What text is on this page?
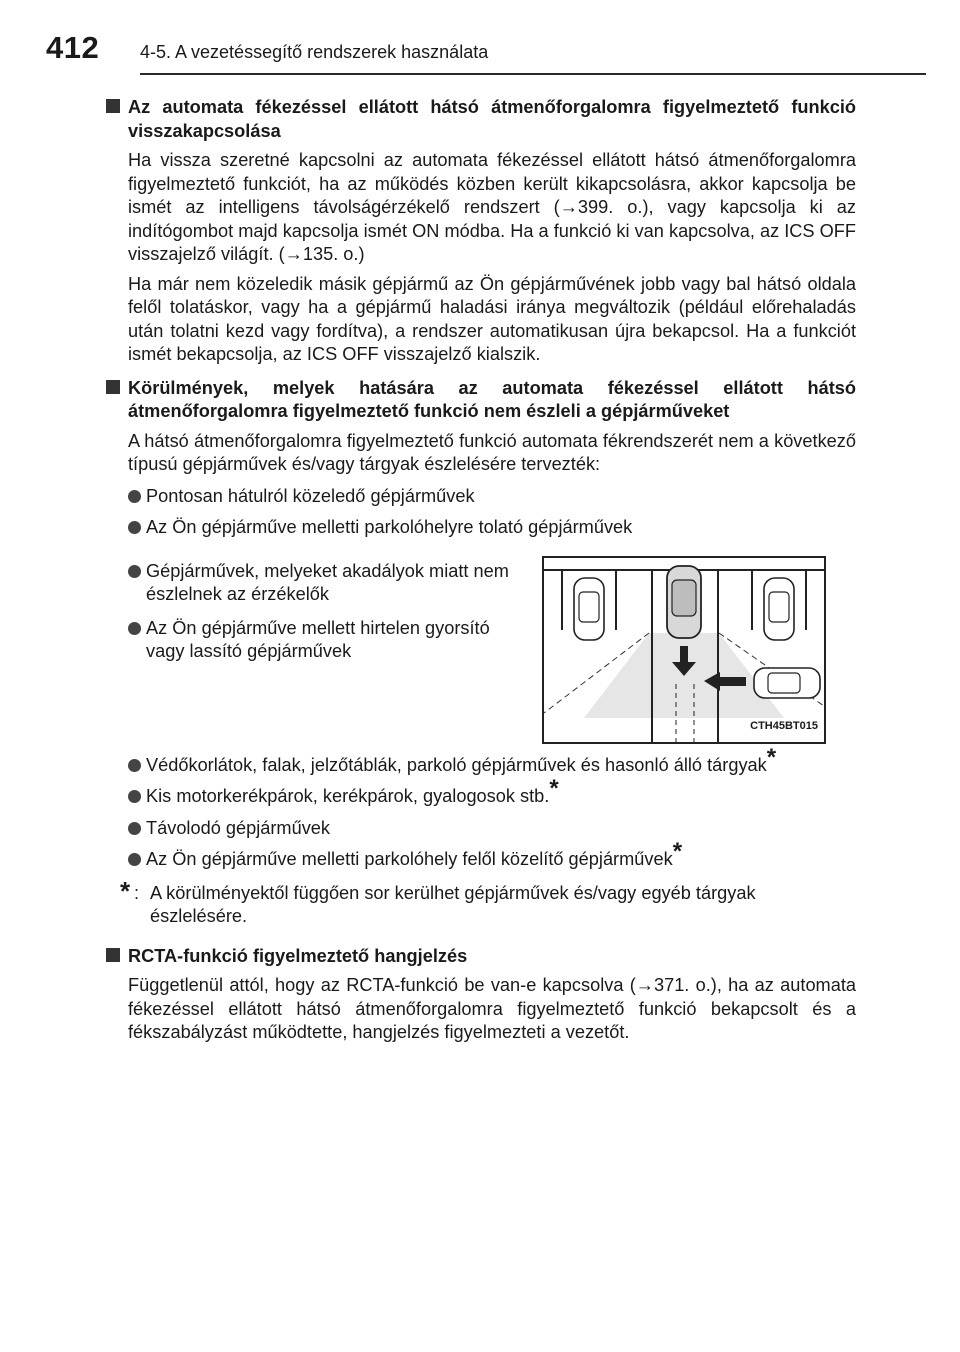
412 4-5. A vezetéssegítő rendszerek használata
Az automata fékezéssel ellátott hátsó átmenőforgalomra figyelmeztető funkció visszakapcsolása
Ha vissza szeretné kapcsolni az automata fékezéssel ellátott hátsó átmenőforgalomra figyelmeztető funkciót, ha az működés közben került kikapcsolásra, akkor kapcsolja be ismét az intelligens távolságérzékelő rendszert (→399. o.), vagy kapcsolja ki az indítógombot majd kapcsolja ismét ON módba. Ha a funkció ki van kapcsolva, az ICS OFF visszajelző világít. (→135. o.)
Ha már nem közeledik másik gépjármű az Ön gépjárművének jobb vagy bal hátsó oldala felől tolatáskor, vagy ha a gépjármű haladási iránya megváltozik (például előrehaladás után tolatni kezd vagy fordítva), a rendszer automatikusan újra bekapcsol. Ha a funkciót ismét bekapcsolja, az ICS OFF visszajelző kialszik.
Körülmények, melyek hatására az automata fékezéssel ellátott hátsó átmenőforgalomra figyelmeztető funkció nem észleli a gépjárműveket
A hátsó átmenőforgalomra figyelmeztető funkció automata fékrendszerét nem a következő típusú gépjárművek és/vagy tárgyak észlelésére tervezték:
Pontosan hátulról közeledő gépjárművek
Az Ön gépjárműve melletti parkolóhelyre tolató gépjárművek
Gépjárművek, melyeket akadályok miatt nem észlelnek az érzékelők
Az Ön gépjárműve mellett hirtelen gyorsító vagy lassító gépjárművek
CTH45BT015
Védőkorlátok, falak, jelzőtáblák, parkoló gépjárművek és hasonló álló tárgyak*
Kis motorkerékpárok, kerékpárok, gyalogosok stb.*
Távolodó gépjárművek
Az Ön gépjárműve melletti parkolóhely felől közelítő gépjárművek*
* : A körülményektől függően sor kerülhet gépjárművek és/vagy egyéb tárgyak észlelésére.
RCTA-funkció figyelmeztető hangjelzés
Függetlenül attól, hogy az RCTA-funkció be van-e kapcsolva (→371. o.), ha az automata fékezéssel ellátott hátsó átmenőforgalomra figyelmeztető funkció bekapcsolt és a fékszabályzást működtette, hangjelzés figyelmezteti a vezetőt.
